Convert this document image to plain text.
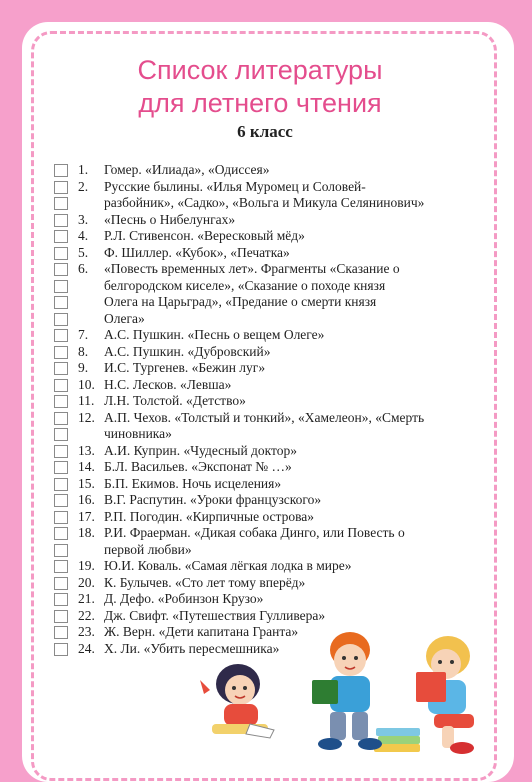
Список литературы
для летнего чтения
6 класс
Гомер. «Илиада», «Одиссея»
1.
Русские былины. «Илья Муромец и Соловей-
разбойник», «Садко», «Вольга и Микула Селянинович»
2.
«Песнь о Нибелунгах»
3.
Р.Л. Стивенсон. «Вересковый мёд»
4.
Ф. Шиллер. «Кубок», «Печатка»
5.
«Повесть временных лет». Фрагменты «Сказание о
белгородском киселе», «Сказание о походе князя
Олега на Царьград», «Предание о смерти князя
Олега»
6.
А.С. Пушкин. «Песнь о вещем Олеге»
7.
А.С. Пушкин. «Дубровский»
8.
И.С. Тургенев. «Бежин луг»
9.
Н.С. Лесков. «Левша»
10.
Л.Н. Толстой. «Детство»
11.
А.П. Чехов. «Толстый и тонкий», «Хамелеон», «Смерть
чиновника»
12.
А.И. Куприн. «Чудесный доктор»
13.
Б.Л. Васильев. «Экспонат № …»
14.
Б.П. Екимов. Ночь исцеления»
15.
В.Г. Распутин. «Уроки французского»
16.
Р.П. Погодин. «Кирпичные острова»
17.
Р.И. Фраерман. «Дикая собака Динго, или Повесть о
первой любви»
18.
Ю.И. Коваль. «Самая лёгкая лодка в мире»
19.
К. Булычев. «Сто лет тому вперёд»
20.
Д. Дефо. «Робинзон Крузо»
21.
Дж. Свифт. «Путешествия Гулливера»
22.
Ж. Верн. «Дети капитана Гранта»
23.
Х. Ли. «Убить пересмешника»
24.
